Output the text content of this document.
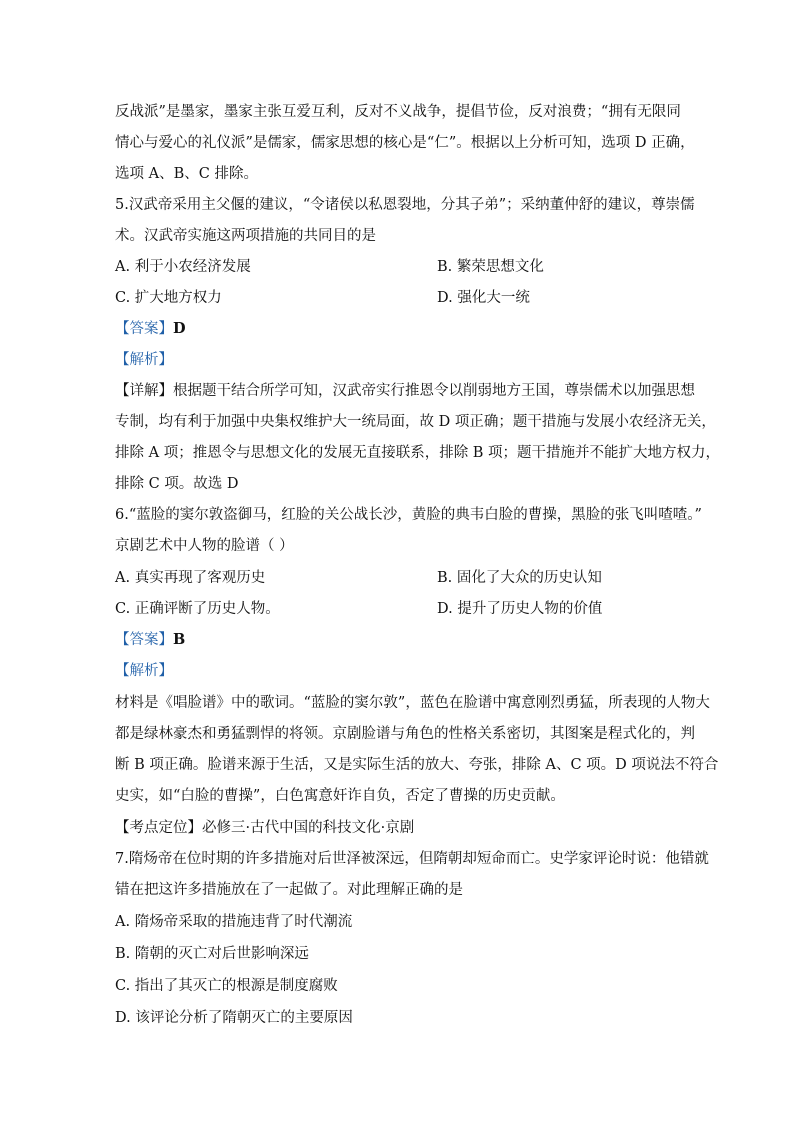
反战派”是墨家，墨家主张互爱互利，反对不义战争，提倡节俭，反对浪费；“拥有无限同
情心与爱心的礼仪派”是儒家，儒家思想的核心是“仁”。根据以上分析可知，选项 D 正确，
选项 A、B、C 排除。
5.汉武帝采用主父偃的建议，“令诸侯以私恩裂地，分其子弟”；采纳董仲舒的建议，尊崇儒
术。汉武帝实施这两项措施的共同目的是
A. 利于小农经济发展	B. 繁荣思想文化
C. 扩大地方权力	D. 强化大一统
【答案】D
【解析】
【详解】根据题干结合所学可知，汉武帝实行推恩令以削弱地方王国，尊崇儒术以加强思想
专制，均有利于加强中央集权维护大一统局面，故 D 项正确；题干措施与发展小农经济无关，
排除 A 项；推恩令与思想文化的发展无直接联系，排除 B 项；题干措施并不能扩大地方权力，
排除 C 项。故选 D
6.“蓝脸的窦尔敦盗御马，红脸的关公战长沙，黄脸的典韦白脸的曹操，黑脸的张飞叫喳喳。”
京剧艺术中人物的脸谱（ ）
A. 真实再现了客观历史	B. 固化了大众的历史认知
C. 正确评断了历史人物。	D. 提升了历史人物的价值
【答案】B
【解析】
材料是《唱脸谱》中的歌词。“蓝脸的窦尔敦”，蓝色在脸谱中寓意刚烈勇猛，所表现的人物大
都是绿林豪杰和勇猛剽悍的将领。京剧脸谱与角色的性格关系密切，其图案是程式化的，判
断 B 项正确。脸谱来源于生活，又是实际生活的放大、夸张，排除 A、C 项。D 项说法不符合
史实，如“白脸的曹操”，白色寓意奸诈自负，否定了曹操的历史贡献。
【考点定位】必修三·古代中国的科技文化·京剧
7.隋炀帝在位时期的许多措施对后世泽被深远，但隋朝却短命而亡。史学家评论时说：他错就
错在把这许多措施放在了一起做了。对此理解正确的是
A. 隋炀帝采取的措施违背了时代潮流
B. 隋朝的灭亡对后世影响深远
C. 指出了其灭亡的根源是制度腐败
D. 该评论分析了隋朝灭亡的主要原因
